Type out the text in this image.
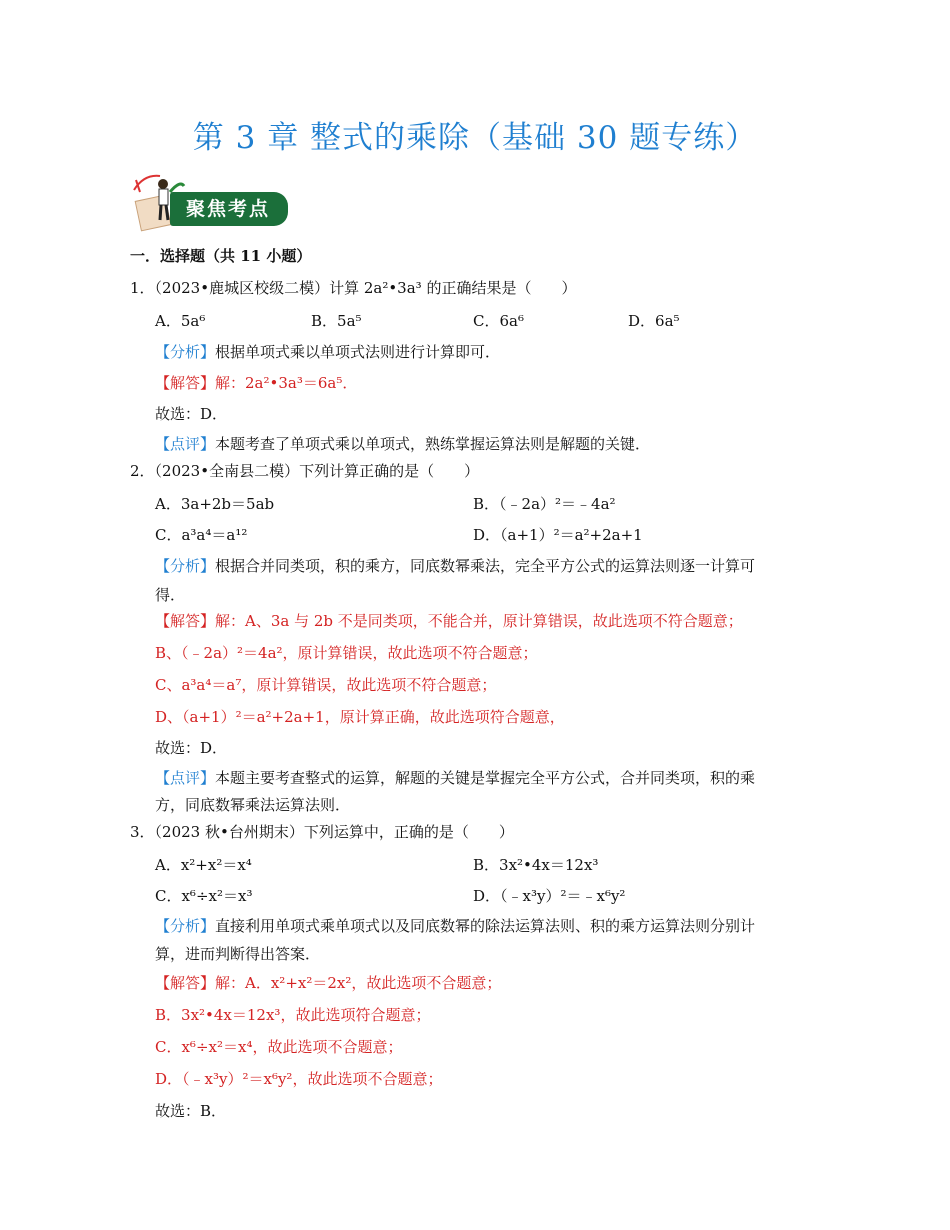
第 3 章 整式的乘除（基础 30 题专练）
聚焦考点
一．选择题（共 11 小题）
1．（2023•鹿城区校级二模）计算 2a²•3a³ 的正确结果是（　　）
A．5a⁶	B．5a⁵	C．6a⁶	D．6a⁵
【分析】根据单项式乘以单项式法则进行计算即可．
【解答】解：2a²•3a³＝6a⁵．
故选：D．
【点评】本题考查了单项式乘以单项式，熟练掌握运算法则是解题的关键．
2．（2023•全南县二模）下列计算正确的是（　　）
A．3a+2b＝5ab	B．（﹣2a）²＝﹣4a²
C．a³a⁴＝a¹²	D．（a+1）²＝a²+2a+1
【分析】根据合并同类项，积的乘方，同底数幂乘法，完全平方公式的运算法则逐一计算可
得．
【解答】解：A、3a 与 2b 不是同类项，不能合并，原计算错误，故此选项不符合题意；
B、（﹣2a）²＝4a²，原计算错误，故此选项不符合题意；
C、a³a⁴＝a⁷，原计算错误，故此选项不符合题意；
D、（a+1）²＝a²+2a+1，原计算正确，故此选项符合题意，
故选：D．
【点评】本题主要考查整式的运算，解题的关键是掌握完全平方公式，合并同类项，积的乘
方，同底数幂乘法运算法则．
3．（2023 秋•台州期末）下列运算中，正确的是（　　）
A．x²+x²＝x⁴	B．3x²•4x＝12x³
C．x⁶÷x²＝x³	D．（﹣x³y）²＝﹣x⁶y²
【分析】直接利用单项式乘单项式以及同底数幂的除法运算法则、积的乘方运算法则分别计
算，进而判断得出答案．
【解答】解：A．x²+x²＝2x²，故此选项不合题意；
B．3x²•4x＝12x³，故此选项符合题意；
C．x⁶÷x²＝x⁴，故此选项不合题意；
D．（﹣x³y）²＝x⁶y²，故此选项不合题意；
故选：B．
